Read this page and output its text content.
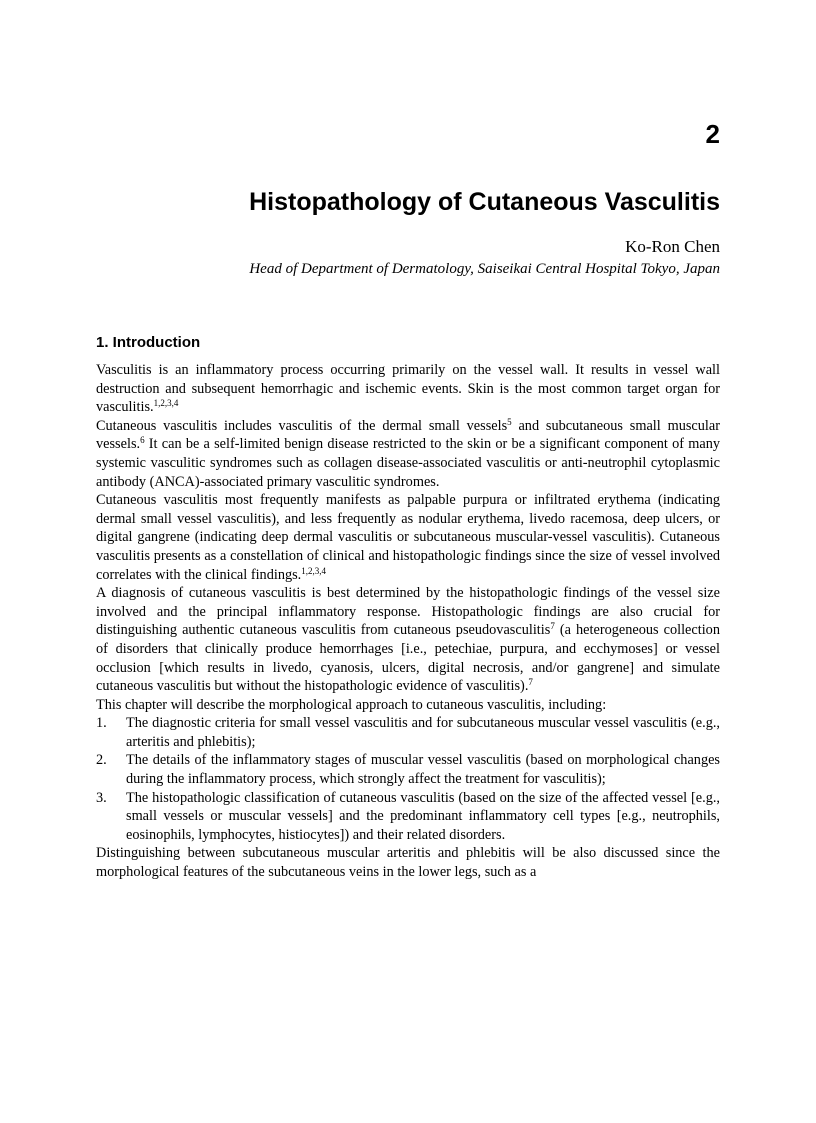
2
Histopathology of Cutaneous Vasculitis
Ko-Ron Chen
Head of Department of Dermatology, Saiseikai Central Hospital Tokyo, Japan
1. Introduction

Vasculitis is an inflammatory process occurring primarily on the vessel wall. It results in vessel wall destruction and subsequent hemorrhagic and ischemic events. Skin is the most common target organ for vasculitis.$^{1,2,3,4}$

Cutaneous vasculitis includes vasculitis of the dermal small vessels$^5$ and subcutaneous small muscular vessels.$^6$ It can be a self-limited benign disease restricted to the skin or be a significant component of many systemic vasculitic syndromes such as collagen disease-associated vasculitis or anti-neutrophil cytoplasmic antibody (ANCA)-associated primary vasculitic syndromes.

Cutaneous vasculitis most frequently manifests as palpable purpura or infiltrated erythema (indicating dermal small vessel vasculitis), and less frequently as nodular erythema, livedo racemosa, deep ulcers, or digital gangrene (indicating deep dermal vasculitis or subcutaneous muscular-vessel vasculitis). Cutaneous vasculitis presents as a constellation of clinical and histopathologic findings since the size of vessel involved correlates with the clinical findings.$^{1,2,3,4}$

A diagnosis of cutaneous vasculitis is best determined by the histopathologic findings of the vessel size involved and the principal inflammatory response. Histopathologic findings are also crucial for distinguishing authentic cutaneous vasculitis from cutaneous pseudovasculitis$^7$ (a heterogeneous collection of disorders that clinically produce hemorrhages [i.e., petechiae, purpura, and ecchymoses] or vessel occlusion [which results in livedo, cyanosis, ulcers, digital necrosis, and/or gangrene] and simulate cutaneous vasculitis but without the histopathologic evidence of vasculitis).$^7$

This chapter will describe the morphological approach to cutaneous vasculitis, including:

1. The diagnostic criteria for small vessel vasculitis and for subcutaneous muscular vessel vasculitis (e.g., arteritis and phlebitis);
2. The details of the inflammatory stages of muscular vessel vasculitis (based on morphological changes during the inflammatory process, which strongly affect the treatment for vasculitis);
3. The histopathologic classification of cutaneous vasculitis (based on the size of the affected vessel [e.g., small vessels or muscular vessels] and the predominant inflammatory cell types [e.g., neutrophils, eosinophils, lymphocytes, histiocytes]) and their related disorders.

Distinguishing between subcutaneous muscular arteritis and phlebitis will be also discussed since the morphological features of the subcutaneous veins in the lower legs, such as a
